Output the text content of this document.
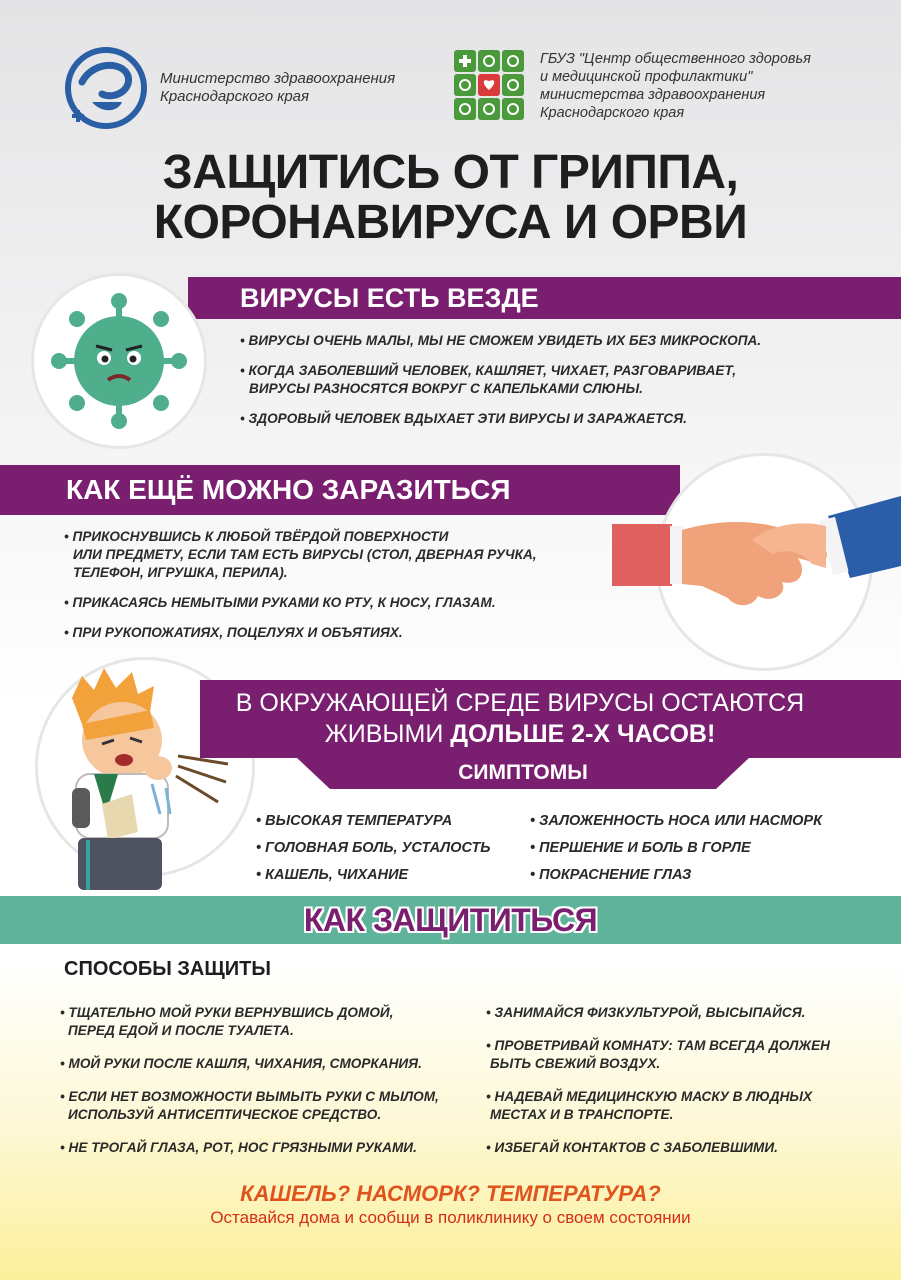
Министерство здравоохранения
Краснодарского края
ГБУЗ "Центр общественного здоровья
и медицинской профилактики"
министерства здравоохранения
Краснодарского края
ЗАЩИТИСЬ ОТ ГРИППА,
КОРОНАВИРУСА И ОРВИ
ВИРУСЫ ЕСТЬ ВЕЗДЕ
• ВИРУСЫ ОЧЕНЬ МАЛЫ, МЫ НЕ СМОЖЕМ УВИДЕТЬ ИХ БЕЗ МИКРОСКОПА.
• КОГДА ЗАБОЛЕВШИЙ ЧЕЛОВЕК, КАШЛЯЕТ, ЧИХАЕТ, РАЗГОВАРИВАЕТ,
ВИРУСЫ РАЗНОСЯТСЯ ВОКРУГ С КАПЕЛЬКАМИ СЛЮНЫ.
• ЗДОРОВЫЙ ЧЕЛОВЕК ВДЫХАЕТ ЭТИ ВИРУСЫ И ЗАРАЖАЕТСЯ.
КАК ЕЩЁ МОЖНО ЗАРАЗИТЬСЯ
• ПРИКОСНУВШИСЬ К ЛЮБОЙ ТВЁРДОЙ ПОВЕРХНОСТИ
ИЛИ ПРЕДМЕТУ, ЕСЛИ ТАМ ЕСТЬ ВИРУСЫ (СТОЛ, ДВЕРНАЯ РУЧКА,
ТЕЛЕФОН, ИГРУШКА, ПЕРИЛА).
• ПРИКАСАЯСЬ НЕМЫТЫМИ РУКАМИ КО РТУ, К НОСУ, ГЛАЗАМ.
• ПРИ РУКОПОЖАТИЯХ, ПОЦЕЛУЯХ И ОБЪЯТИЯХ.
В ОКРУЖАЮЩЕЙ СРЕДЕ ВИРУСЫ ОСТАЮТСЯ
ЖИВЫМИ ДОЛЬШЕ 2-Х ЧАСОВ!
СИМПТОМЫ
• ВЫСОКАЯ ТЕМПЕРАТУРА
• ГОЛОВНАЯ БОЛЬ, УСТАЛОСТЬ
• КАШЕЛЬ, ЧИХАНИЕ
• ЗАЛОЖЕННОСТЬ НОСА ИЛИ НАСМОРК
• ПЕРШЕНИЕ И БОЛЬ В ГОРЛЕ
• ПОКРАСНЕНИЕ ГЛАЗ
КАК ЗАЩИТИТЬСЯ
СПОСОБЫ ЗАЩИТЫ
• ТЩАТЕЛЬНО МОЙ РУКИ ВЕРНУВШИСЬ ДОМОЙ,
ПЕРЕД ЕДОЙ И ПОСЛЕ ТУАЛЕТА.
• МОЙ РУКИ ПОСЛЕ КАШЛЯ, ЧИХАНИЯ, СМОРКАНИЯ.
• ЕСЛИ НЕТ ВОЗМОЖНОСТИ ВЫМЫТЬ РУКИ С МЫЛОМ,
ИСПОЛЬЗУЙ АНТИСЕПТИЧЕСКОЕ СРЕДСТВО.
• НЕ ТРОГАЙ ГЛАЗА, РОТ, НОС ГРЯЗНЫМИ РУКАМИ.
• ЗАНИМАЙСЯ ФИЗКУЛЬТУРОЙ, ВЫСЫПАЙСЯ.
• ПРОВЕТРИВАЙ КОМНАТУ: ТАМ ВСЕГДА ДОЛЖЕН
БЫТЬ СВЕЖИЙ ВОЗДУХ.
• НАДЕВАЙ МЕДИЦИНСКУЮ МАСКУ В ЛЮДНЫХ
МЕСТАХ И В ТРАНСПОРТЕ.
• ИЗБЕГАЙ КОНТАКТОВ С ЗАБОЛЕВШИМИ.
КАШЕЛЬ? НАСМОРК? ТЕМПЕРАТУРА?
Оставайся дома и сообщи в поликлинику о своем состоянии
